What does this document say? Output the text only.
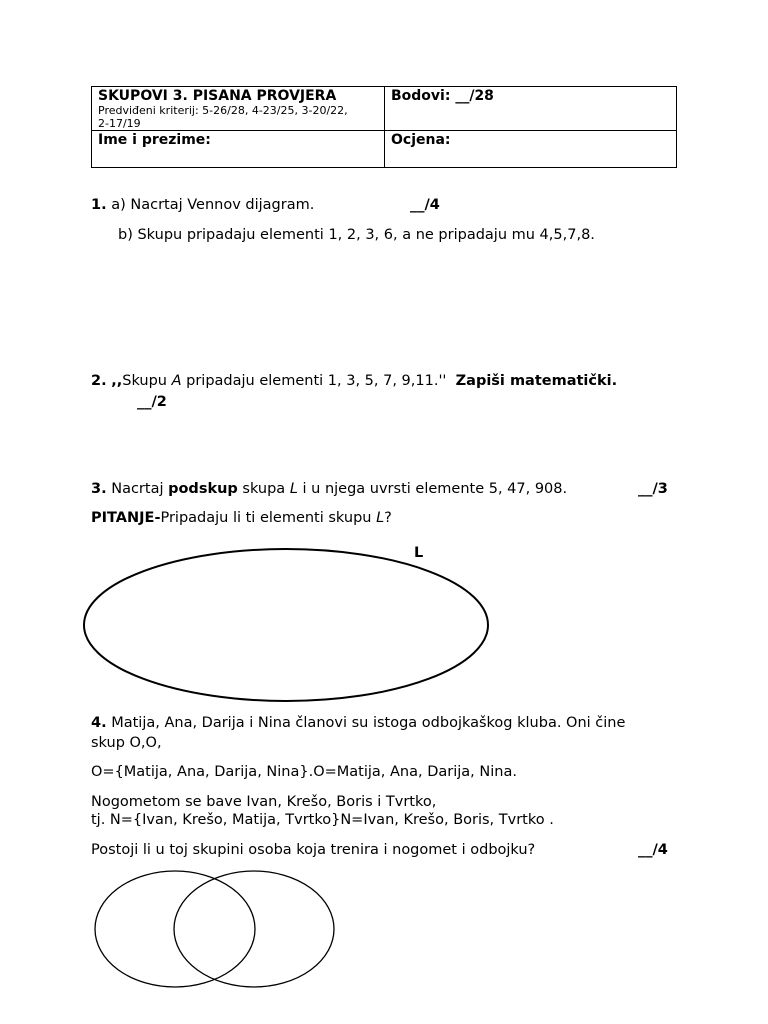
SKUPOVI 3. PISANA PROVJERA
Predviđeni kriterij: 5-26/28, 4-23/25, 3-20/22,
2-17/19	Bodovi: __/28

Ime i prezime:	Ocjena:
1. a) Nacrtaj Vennov dijagram.	__/4
b) Skupu pripadaju elementi 1, 2, 3, 6, a ne pripadaju mu 4,5,7,8.
2. ,,Skupu A pripadaju elementi 1, 3, 5, 7, 9,11.'' Zapiši matematički.
__/2
3. Nacrtaj podskup skupa L i u njega uvrsti elemente 5, 47, 908.	__/3
PITANJE-Pripadaju li ti elementi skupu L?
L
4. Matija, Ana, Darija i Nina članovi su istoga odbojkaškog kluba. Oni čine
skup O,O,
O={Matija, Ana, Darija, Nina}.O=Matija, Ana, Darija, Nina.
Nogometom se bave Ivan, Krešo, Boris i Tvrtko,
tj. N={Ivan, Krešo, Matija, Tvrtko}N=Ivan, Krešo, Boris, Tvrtko .
Postoji li u toj skupini osoba koja trenira i nogomet i odbojku?	__/4
